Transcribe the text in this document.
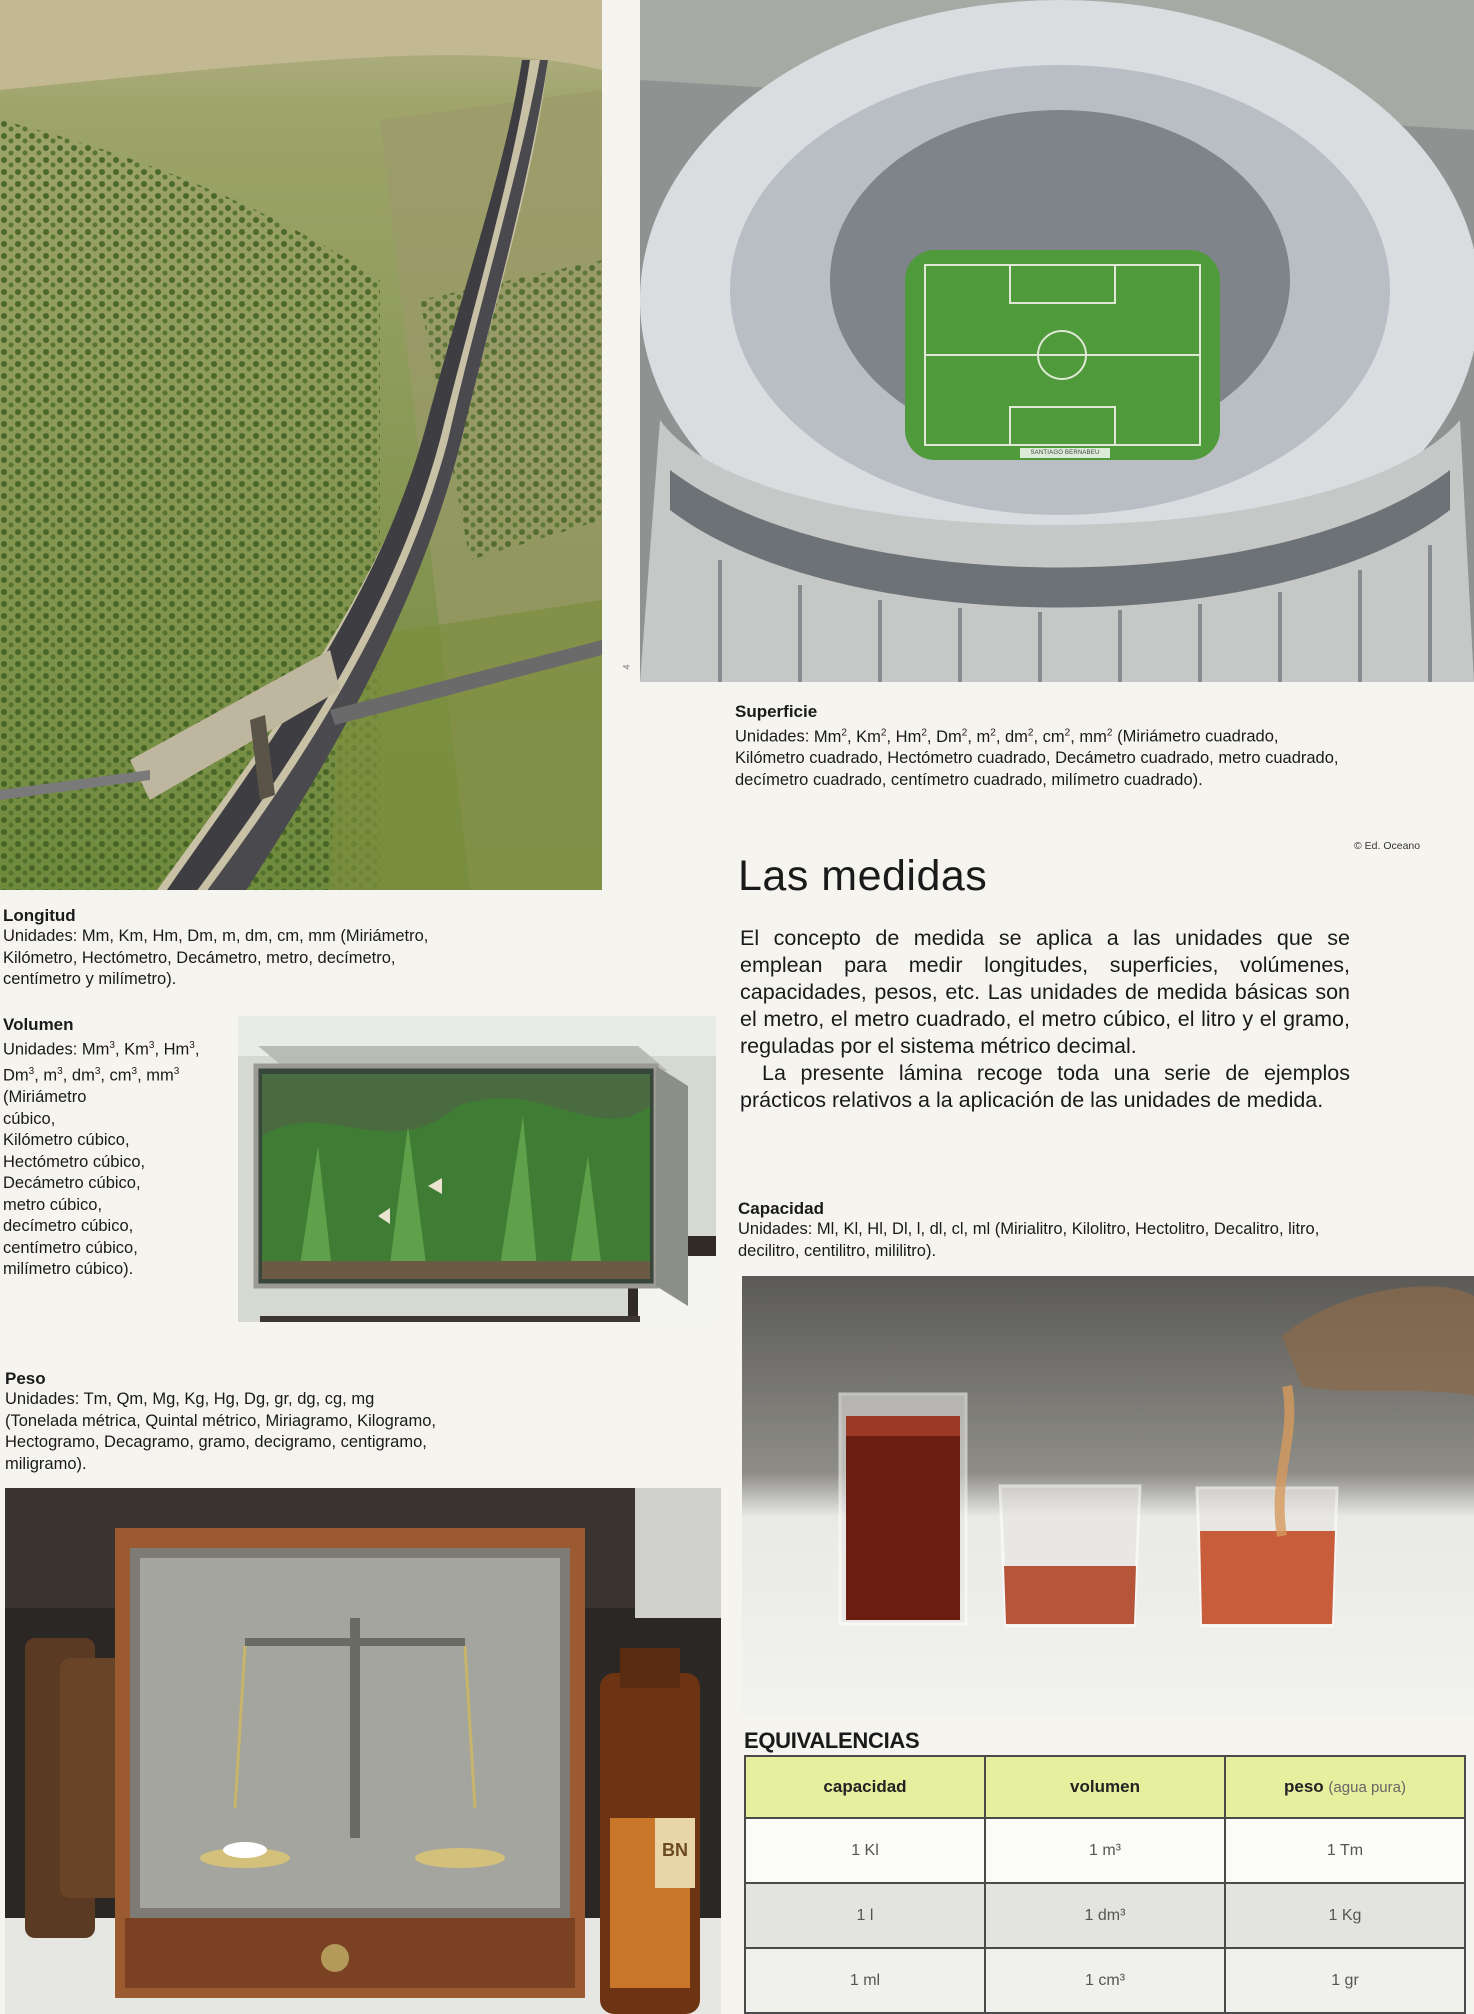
SANTIAGO BERNABEU
4

Superficie

Unidades: Mm$^2$, Km$^2$, Hm$^2$, Dm$^2$, $m^2$, $dm^2$, $cm^2$, $mm^2$ (Miriámetro cuadrado,

Kilómetro cuadrado, Hectómetro cuadrado, Decámetro cuadrado, metro cuadrado,

decímetro cuadrado, centímetro cuadrado, milímetro cuadrado).

© Ed. Oceano
Las medidas

El concepto de medida se aplica a las unidades que se emplean para medir longitudes, superficies, volúmenes, capacidades, pesos, etc. Las unidades de medida básicas son el metro, el metro cuadrado, el metro cúbico, el litro y el gramo, reguladas por el sistema métrico decimal.

La presente lámina recoge toda una serie de ejemplos prácticos relativos a la aplicación de las unidades de medida.

Longitud

Unidades: Mm, Km, Hm, Dm, m, dm, cm, mm (Miriámetro,

Kilómetro, Hectómetro, Decámetro, metro, decímetro,

centímetro y milímetro).

Volumen

Unidades: Mm$^3$, Km$^3$, Hm$^3$, Dm$^3$, $m^3$, $dm^3$, $cm^3$, $mm^3$ (Miriámetro

cúbico,

Kilómetro cúbico,

Hectómetro cúbico,

Decámetro cúbico,

metro cúbico,

decímetro cúbico,

centímetro cúbico,

milímetro cúbico).

Peso

Unidades: Tm, Qm, Mg, Kg, Hg, Dg, gr, dg, cg, mg

(Tonelada métrica, Quintal métrico, Miriagramo, Kilogramo,

Hectogramo, Decagramo, gramo, decigramo, centigramo,

miligramo).

BN

Capacidad

Unidades: Ml, Kl, Hl, Dl, l, dl, cl, ml (Mirialitro, Kilolitro, Hectolitro, Decalitro, litro,

decilitro, centilitro, mililitro).

EQUIVALENCIAS
capacidad	volumen	peso (agua pura)
1 Kl	1 m³	1 Tm
1 l	1 dm³	1 Kg
1 ml	1 cm³	1 gr
